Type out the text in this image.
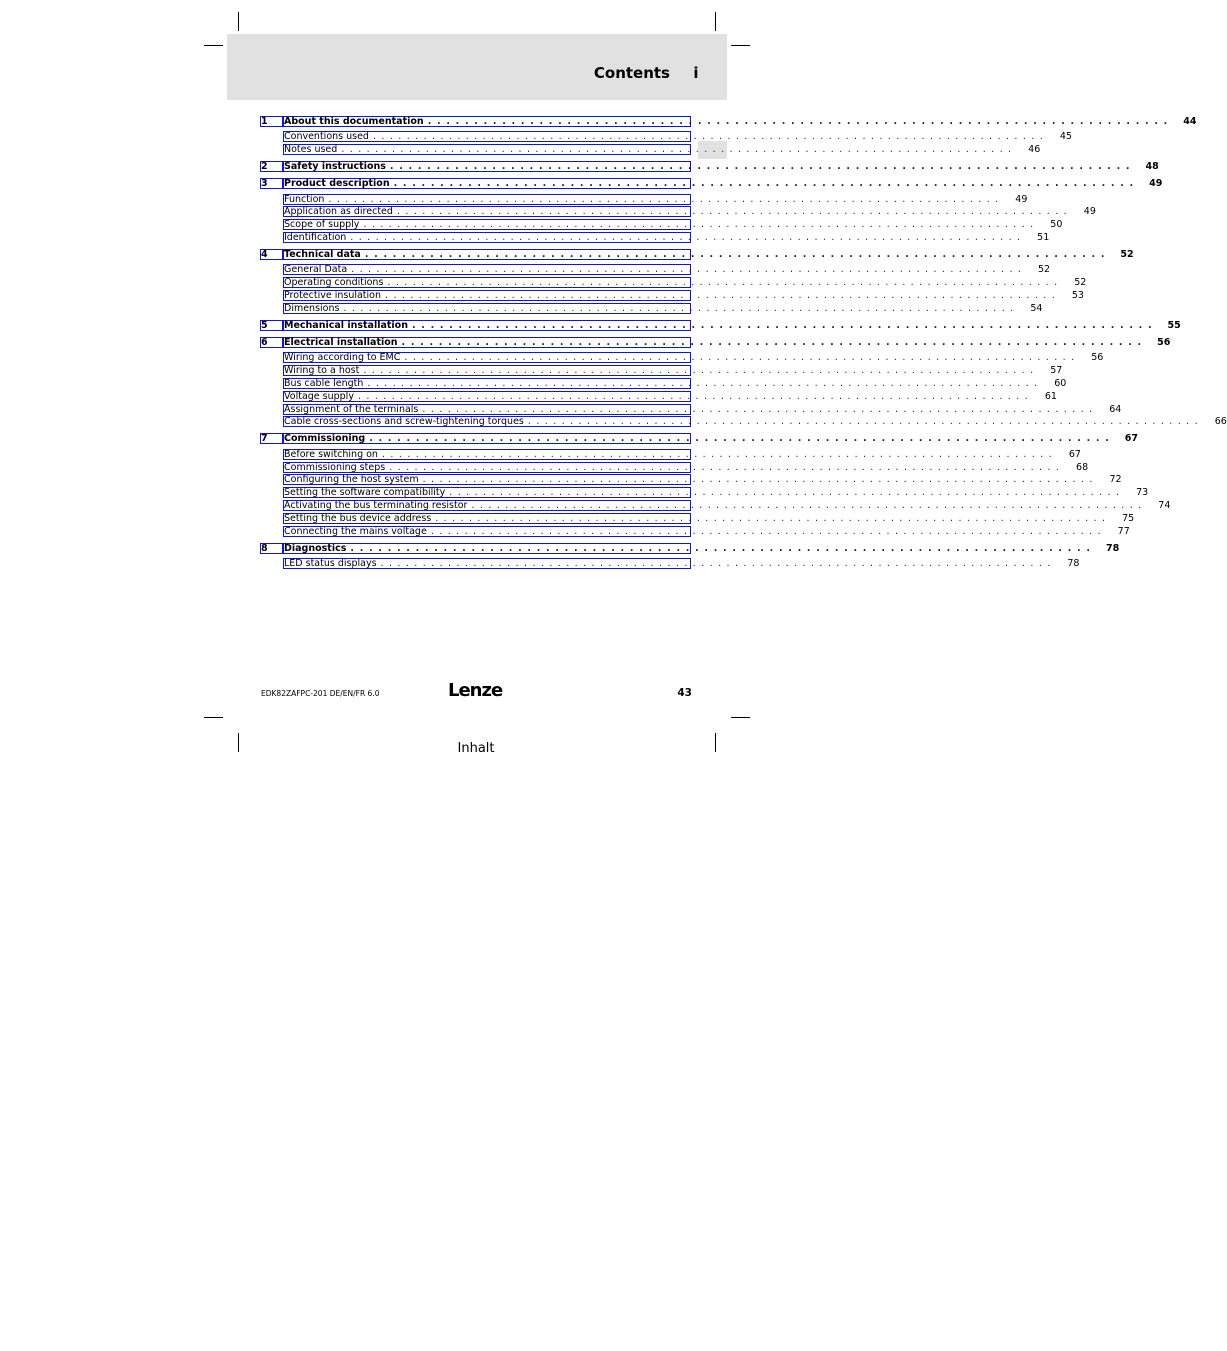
Contents i
1	About this documentation . . . . . . . . . . . . . . . . . . . . . . . . . . . . . . . . . . . . . . . . . . . . . . . . . . . . . . . . . . . . . . . . . . . . . . . . . . . . . . . .	44
Conventions used . . . . . . . . . . . . . . . . . . . . . . . . . . . . . . . . . . . . . . . . . . . . . . . . . . . . . . . . . . . . . . . . . . . . . . . . . . . . . . . .	45
Notes used . . . . . . . . . . . . . . . . . . . . . . . . . . . . . . . . . . . . . . . . . . . . . . . . . . . . . . . . . . . . . . . . . . . . . . . . . . . . . . . .	46
2	Safety instructions . . . . . . . . . . . . . . . . . . . . . . . . . . . . . . . . . . . . . . . . . . . . . . . . . . . . . . . . . . . . . . . . . . . . . . . . . . . . . . . .	48
3	Product description . . . . . . . . . . . . . . . . . . . . . . . . . . . . . . . . . . . . . . . . . . . . . . . . . . . . . . . . . . . . . . . . . . . . . . . . . . . . . . . .	49
Function . . . . . . . . . . . . . . . . . . . . . . . . . . . . . . . . . . . . . . . . . . . . . . . . . . . . . . . . . . . . . . . . . . . . . . . . . . . . . . . .	49
Application as directed . . . . . . . . . . . . . . . . . . . . . . . . . . . . . . . . . . . . . . . . . . . . . . . . . . . . . . . . . . . . . . . . . . . . . . . . . . . . . . . .	49
Scope of supply . . . . . . . . . . . . . . . . . . . . . . . . . . . . . . . . . . . . . . . . . . . . . . . . . . . . . . . . . . . . . . . . . . . . . . . . . . . . . . . .	50
Identification . . . . . . . . . . . . . . . . . . . . . . . . . . . . . . . . . . . . . . . . . . . . . . . . . . . . . . . . . . . . . . . . . . . . . . . . . . . . . . . .	51
4	Technical data . . . . . . . . . . . . . . . . . . . . . . . . . . . . . . . . . . . . . . . . . . . . . . . . . . . . . . . . . . . . . . . . . . . . . . . . . . . . . . . .	52
General Data . . . . . . . . . . . . . . . . . . . . . . . . . . . . . . . . . . . . . . . . . . . . . . . . . . . . . . . . . . . . . . . . . . . . . . . . . . . . . . . .	52
Operating conditions . . . . . . . . . . . . . . . . . . . . . . . . . . . . . . . . . . . . . . . . . . . . . . . . . . . . . . . . . . . . . . . . . . . . . . . . . . . . . . . .	52
Protective insulation . . . . . . . . . . . . . . . . . . . . . . . . . . . . . . . . . . . . . . . . . . . . . . . . . . . . . . . . . . . . . . . . . . . . . . . . . . . . . . . .	53
Dimensions . . . . . . . . . . . . . . . . . . . . . . . . . . . . . . . . . . . . . . . . . . . . . . . . . . . . . . . . . . . . . . . . . . . . . . . . . . . . . . . .	54
5	Mechanical installation . . . . . . . . . . . . . . . . . . . . . . . . . . . . . . . . . . . . . . . . . . . . . . . . . . . . . . . . . . . . . . . . . . . . . . . . . . . . . . . .	55
6	Electrical installation . . . . . . . . . . . . . . . . . . . . . . . . . . . . . . . . . . . . . . . . . . . . . . . . . . . . . . . . . . . . . . . . . . . . . . . . . . . . . . . .	56
Wiring according to EMC . . . . . . . . . . . . . . . . . . . . . . . . . . . . . . . . . . . . . . . . . . . . . . . . . . . . . . . . . . . . . . . . . . . . . . . . . . . . . . . .	56
Wiring to a host . . . . . . . . . . . . . . . . . . . . . . . . . . . . . . . . . . . . . . . . . . . . . . . . . . . . . . . . . . . . . . . . . . . . . . . . . . . . . . . .	57
Bus cable length . . . . . . . . . . . . . . . . . . . . . . . . . . . . . . . . . . . . . . . . . . . . . . . . . . . . . . . . . . . . . . . . . . . . . . . . . . . . . . . .	60
Voltage supply . . . . . . . . . . . . . . . . . . . . . . . . . . . . . . . . . . . . . . . . . . . . . . . . . . . . . . . . . . . . . . . . . . . . . . . . . . . . . . . .	61
Assignment of the terminals . . . . . . . . . . . . . . . . . . . . . . . . . . . . . . . . . . . . . . . . . . . . . . . . . . . . . . . . . . . . . . . . . . . . . . . . . . . . . . . .	64
Cable cross-sections and screw-tightening torques . . . . . . . . . . . . . . . . . . . . . . . . . . . . . . . . . . . . . . . . . . . . . . . . . . . . . . . . . . . . . . . . . . . . . . . . . . . . . . . .	66
7	Commissioning . . . . . . . . . . . . . . . . . . . . . . . . . . . . . . . . . . . . . . . . . . . . . . . . . . . . . . . . . . . . . . . . . . . . . . . . . . . . . . . .	67
Before switching on . . . . . . . . . . . . . . . . . . . . . . . . . . . . . . . . . . . . . . . . . . . . . . . . . . . . . . . . . . . . . . . . . . . . . . . . . . . . . . . .	67
Commissioning steps . . . . . . . . . . . . . . . . . . . . . . . . . . . . . . . . . . . . . . . . . . . . . . . . . . . . . . . . . . . . . . . . . . . . . . . . . . . . . . . .	68
Configuring the host system . . . . . . . . . . . . . . . . . . . . . . . . . . . . . . . . . . . . . . . . . . . . . . . . . . . . . . . . . . . . . . . . . . . . . . . . . . . . . . . .	72
Setting the software compatibility . . . . . . . . . . . . . . . . . . . . . . . . . . . . . . . . . . . . . . . . . . . . . . . . . . . . . . . . . . . . . . . . . . . . . . . . . . . . . . . .	73
Activating the bus terminating resistor . . . . . . . . . . . . . . . . . . . . . . . . . . . . . . . . . . . . . . . . . . . . . . . . . . . . . . . . . . . . . . . . . . . . . . . . . . . . . . . .	74
Setting the bus device address . . . . . . . . . . . . . . . . . . . . . . . . . . . . . . . . . . . . . . . . . . . . . . . . . . . . . . . . . . . . . . . . . . . . . . . . . . . . . . . .	75
Connecting the mains voltage . . . . . . . . . . . . . . . . . . . . . . . . . . . . . . . . . . . . . . . . . . . . . . . . . . . . . . . . . . . . . . . . . . . . . . . . . . . . . . . .	77
8	Diagnostics . . . . . . . . . . . . . . . . . . . . . . . . . . . . . . . . . . . . . . . . . . . . . . . . . . . . . . . . . . . . . . . . . . . . . . . . . . . . . . . .	78
LED status displays . . . . . . . . . . . . . . . . . . . . . . . . . . . . . . . . . . . . . . . . . . . . . . . . . . . . . . . . . . . . . . . . . . . . . . . . . . . . . . . .	78
EDK82ZAFPC-201 DE/EN/FR 6.0	Lenze	43
Inhalt
